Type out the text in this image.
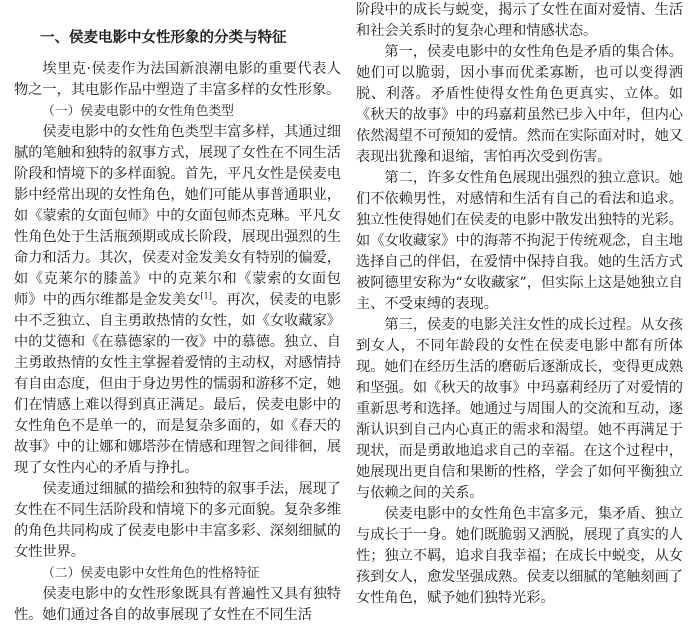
一、侯麦电影中女性形象的分类与特征

埃里克·侯麦作为法国新浪潮电影的重要代表人物之一，其电影作品中塑造了丰富多样的女性形象。

（一）侯麦电影中的女性角色类型

侯麦电影中的女性角色类型丰富多样，其通过细腻的笔触和独特的叙事方式，展现了女性在不同生活阶段和情境下的多样面貌。首先，平凡女性是侯麦电影中经常出现的女性角色，她们可能从事普通职业，如《蒙索的女面包师》中的女面包师杰克琳。平凡女性角色处于生活瓶颈期或成长阶段，展现出强烈的生命力和活力。其次，侯麦对金发美女有特别的偏爱，如《克莱尔的膝盖》中的克莱尔和《蒙索的女面包师》中的西尔维都是金发美女[1]。再次，侯麦的电影中不乏独立、自主勇敢热情的女性，如《女收藏家》中的艾德和《在慕德家的一夜》中的慕德。独立、自主勇敢热情的女性主掌握着爱情的主动权，对感情持有自由态度，但由于身边男性的懦弱和游移不定，她们在情感上难以得到真正满足。最后，侯麦电影中的女性角色不是单一的，而是复杂多面的，如《春天的故事》中的让娜和娜塔莎在情感和理智之间徘徊，展现了女性内心的矛盾与挣扎。

侯麦通过细腻的描绘和独特的叙事手法，展现了女性在不同生活阶段和情境下的多元面貌。复杂多维的角色共同构成了侯麦电影中丰富多彩、深刻细腻的女性世界。

（二）侯麦电影中女性角色的性格特征

侯麦电影中的女性形象既具有普遍性又具有独特性。她们通过各自的故事展现了女性在不同生活

阶段中的成长与蜕变，揭示了女性在面对爱情、生活和社会关系时的复杂心理和情感状态。

第一，侯麦电影中的女性角色是矛盾的集合体。她们可以脆弱，因小事而优柔寡断，也可以变得洒脱、利落。矛盾性使得女性角色更真实、立体。如《秋天的故事》中的玛嘉莉虽然已步入中年，但内心依然渴望不可预知的爱情。然而在实际面对时，她又表现出犹豫和退缩，害怕再次受到伤害。

第二，许多女性角色展现出强烈的独立意识。她们不依赖男性，对感情和生活有自己的看法和追求。独立性使得她们在侯麦的电影中散发出独特的光彩。如《女收藏家》中的海蒂不拘泥于传统观念，自主地选择自己的伴侣，在爱情中保持自我。她的生活方式被阿德里安称为“女收藏家”，但实际上这是她独立自主、不受束缚的表现。

第三，侯麦的电影关注女性的成长过程。从女孩到女人，不同年龄段的女性在侯麦电影中都有所体现。她们在经历生活的磨砺后逐渐成长，变得更成熟和坚强。如《秋天的故事》中玛嘉莉经历了对爱情的重新思考和选择。她通过与周围人的交流和互动，逐渐认识到自己内心真正的需求和渴望。她不再满足于现状，而是勇敢地追求自己的幸福。在这个过程中，她展现出更自信和果断的性格，学会了如何平衡独立与依赖之间的关系。

侯麦电影中的女性角色丰富多元，集矛盾、独立与成长于一身。她们既脆弱又洒脱，展现了真实的人性；独立不羁，追求自我幸福；在成长中蜕变，从女孩到女人，愈发坚强成熟。侯麦以细腻的笔触刻画了女性角色，赋予她们独特光彩。
